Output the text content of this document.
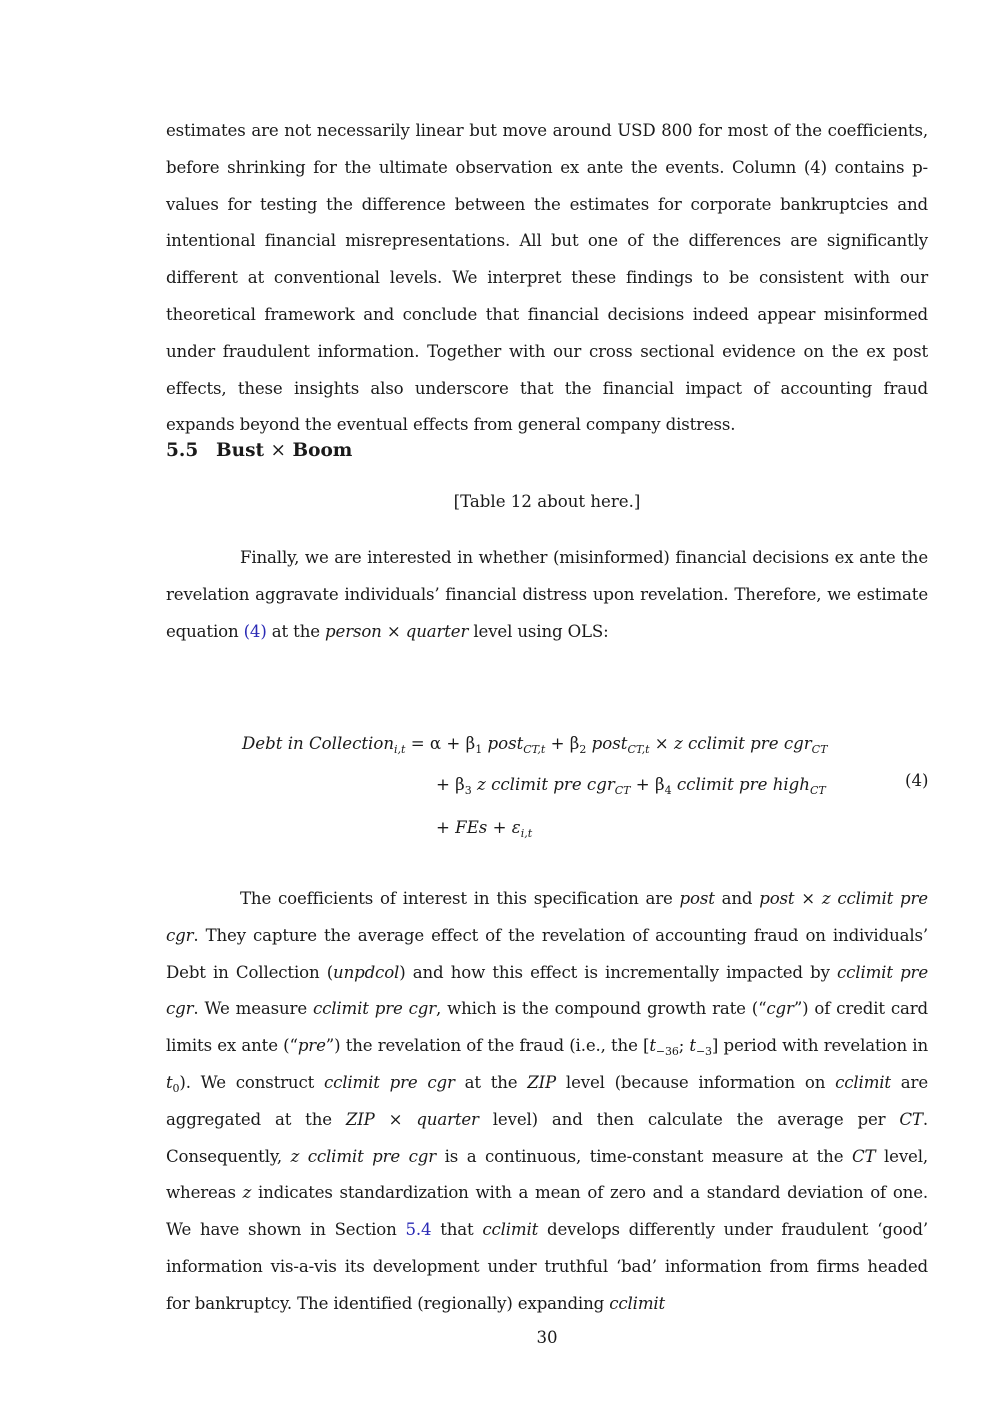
estimates are not necessarily linear but move around USD 800 for most of the coefficients, before shrinking for the ultimate observation ex ante the events. Column (4) contains p-values for testing the difference between the estimates for corporate bankruptcies and intentional financial misrepresentations. All but one of the differences are significantly different at conventional levels. We interpret these findings to be consistent with our theoretical framework and conclude that financial decisions indeed appear misinformed under fraudulent information. Together with our cross sectional evidence on the ex post effects, these insights also underscore that the financial impact of accounting fraud expands beyond the eventual effects from general company distress.

5.5 Bust × Boom
[Table 12 about here.]

Finally, we are interested in whether (misinformed) financial decisions ex ante the revelation aggravate individuals’ financial distress upon revelation. Therefore, we estimate equation (4) at the person × quarter level using OLS:

Debt in Collection$_{i,t}$ = $\alpha + \beta_1$ post$_{CT,t}$ + $\beta_2$ post$_{CT,t}$ × z cclimit pre cgr$_{CT}$
+ $\beta_3$ z cclimit pre $cgr_{CT} + \beta_4$ cclimit pre high$_{CT}$
+ FEs + $\varepsilon_{i,t}$
(4)

The coefficients of interest in this specification are post and post × z cclimit pre cgr. They capture the average effect of the revelation of accounting fraud on individuals’ Debt in Collection (unpdcol) and how this effect is incrementally impacted by cclimit pre cgr. We measure cclimit pre cgr, which is the compound growth rate (“cgr”) of credit card limits ex ante (“pre”) the revelation of the fraud (i.e., the [$t_{-36}$; $t_{-3}$] period with revelation in $t_0$). We construct cclimit pre cgr at the ZIP level (because information on cclimit are aggregated at the ZIP × quarter level) and then calculate the average per CT. Consequently, z cclimit pre cgr is a continuous, time-constant measure at the CT level, whereas z indicates standardization with a mean of zero and a standard deviation of one. We have shown in Section 5.4 that cclimit develops differently under fraudulent ‘good’ information vis-a-vis its development under truthful ‘bad’ information from firms headed for bankruptcy. The identified (regionally) expanding cclimit

30
